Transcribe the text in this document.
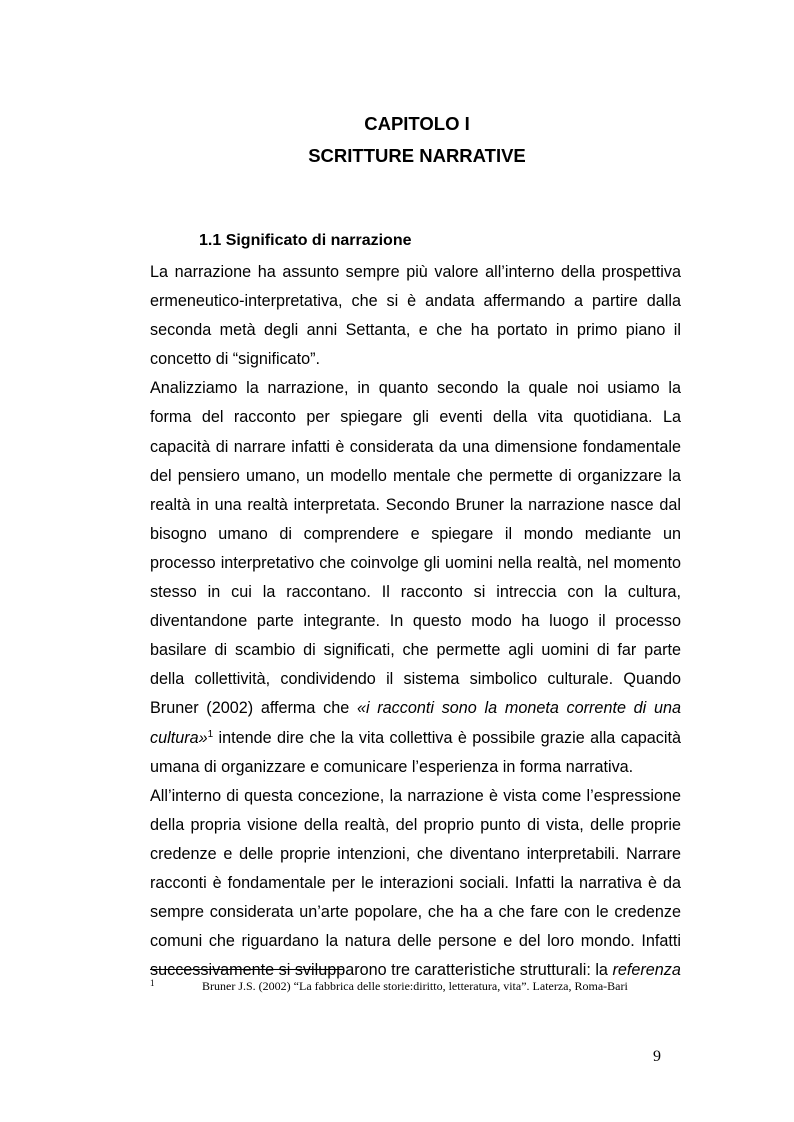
CAPITOLO I
SCRITTURE NARRATIVE
1.1 Significato di narrazione

La narrazione ha assunto sempre più valore all’interno della prospettiva ermeneutico-interpretativa, che si è andata affermando a partire dalla seconda metà degli anni Settanta, e che ha portato in primo piano il concetto di “significato”.

Analizziamo la narrazione, in quanto secondo la quale noi usiamo la forma del racconto per spiegare gli eventi della vita quotidiana. La capacità di narrare infatti è considerata da una dimensione fondamentale del pensiero umano, un modello mentale che permette di organizzare la realtà in una realtà interpretata. Secondo Bruner la narrazione nasce dal bisogno umano di comprendere e spiegare il mondo mediante un processo interpretativo che coinvolge gli uomini nella realtà, nel momento stesso in cui la raccontano. Il racconto si intreccia con la cultura, diventandone parte integrante. In questo modo ha luogo il processo basilare di scambio di significati, che permette agli uomini di far parte della collettività, condividendo il sistema simbolico culturale. Quando Bruner (2002) afferma che «i racconti sono la moneta corrente di una cultura»$^1$ intende dire che la vita collettiva è possibile grazie alla capacità umana di organizzare e comunicare l’esperienza in forma narrativa.

All’interno di questa concezione, la narrazione è vista come l’espressione della propria visione della realtà, del proprio punto di vista, delle proprie credenze e delle proprie intenzioni, che diventano interpretabili. Narrare racconti è fondamentale per le interazioni sociali. Infatti la narrativa è da sempre considerata un’arte popolare, che ha a che fare con le credenze comuni che riguardano la natura delle persone e del loro mondo. Infatti successivamente si svilupparono tre caratteristiche strutturali: la referenza

1	Bruner J.S. (2002) “La fabbrica delle storie:diritto, letteratura, vita”. Laterza, Roma-Bari
9
